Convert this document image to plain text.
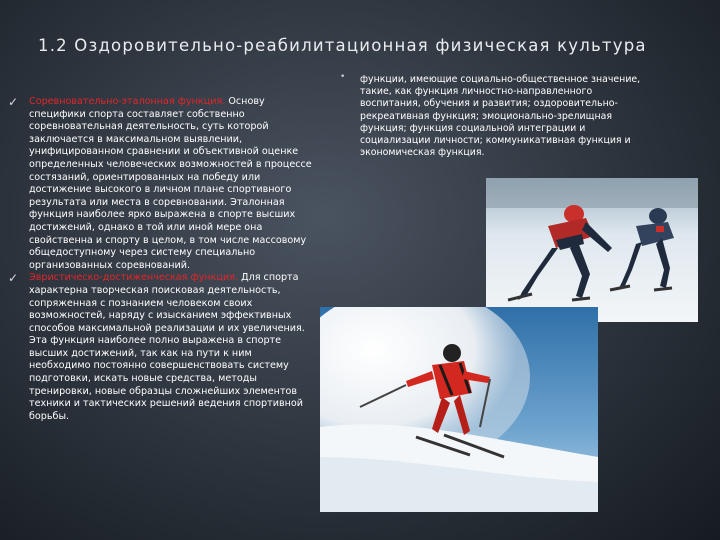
1.2 Оздоровительно-реабилитационная физическая культура
✓ Соревновательно-эталонная функция. Основу специфики спорта составляет собственно соревновательная деятельность, суть которой заключается в максимальном выявлении, унифицированном сравнении и объективной оценке определенных человеческих возможностей в процессе состязаний, ориентированных на победу или достижение высокого в личном плане спортивного результата или места в соревновании. Эталонная функция наиболее ярко выражена в спорте высших достижений, однако в той или иной мере она свойственна и спорту в целом, в том числе массовому общедоступному через систему специально организованных соревнований.
✓ Эвристическо-достиженческая функция. Для спорта характерна творческая поисковая деятельность, сопряженная с познанием человеком своих возможностей, наряду с изысканием эффективных способов максимальной реализации и их увеличения. Эта функция наиболее полно выражена в спорте высших достижений, так как на пути к ним необходимо постоянно совершенствовать систему подготовки, искать новые средства, методы тренировки, новые образцы сложнейших элементов техники и тактических решений ведения спортивной борьбы.
• функции, имеющие социально-общественное значение, такие, как функция личностно-направленного воспитания, обучения и развития; оздоровительно-рекреативная функция; эмоционально-зрелищная функция; функция социальной интеграции и социализации личности; коммуникативная функция и экономическая функция.
